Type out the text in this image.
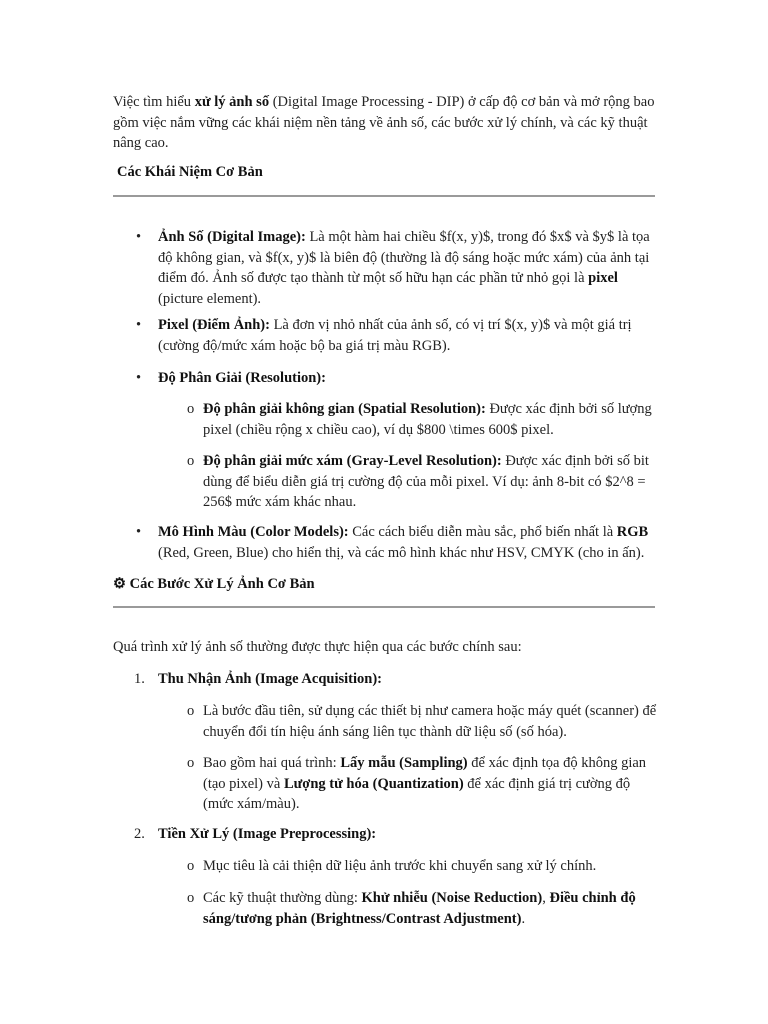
Việc tìm hiểu xử lý ảnh số (Digital Image Processing - DIP) ở cấp độ cơ bản và mở rộng bao gồm việc nắm vững các khái niệm nền tảng về ảnh số, các bước xử lý chính, và các kỹ thuật nâng cao.
Các Khái Niệm Cơ Bản
• Ảnh Số (Digital Image): Là một hàm hai chiều $f(x, y)$, trong đó $x$ và $y$ là tọa độ không gian, và $f(x, y)$ là biên độ (thường là độ sáng hoặc mức xám) của ảnh tại điểm đó. Ảnh số được tạo thành từ một số hữu hạn các phần tử nhỏ gọi là pixel (picture element).
• Pixel (Điểm Ảnh): Là đơn vị nhỏ nhất của ảnh số, có vị trí $(x, y)$ và một giá trị (cường độ/mức xám hoặc bộ ba giá trị màu RGB).
• Độ Phân Giải (Resolution):
o Độ phân giải không gian (Spatial Resolution): Được xác định bởi số lượng pixel (chiều rộng x chiều cao), ví dụ $800 \times 600$ pixel.
o Độ phân giải mức xám (Gray-Level Resolution): Được xác định bởi số bit dùng để biểu diễn giá trị cường độ của mỗi pixel. Ví dụ: ảnh 8-bit có $2^8 = 256$ mức xám khác nhau.
• Mô Hình Màu (Color Models): Các cách biểu diễn màu sắc, phổ biến nhất là RGB (Red, Green, Blue) cho hiển thị, và các mô hình khác như HSV, CMYK (cho in ấn).
⚙ Các Bước Xử Lý Ảnh Cơ Bản
Quá trình xử lý ảnh số thường được thực hiện qua các bước chính sau:
1. Thu Nhận Ảnh (Image Acquisition):
o Là bước đầu tiên, sử dụng các thiết bị như camera hoặc máy quét (scanner) để chuyển đổi tín hiệu ánh sáng liên tục thành dữ liệu số (số hóa).
o Bao gồm hai quá trình: Lấy mẫu (Sampling) để xác định tọa độ không gian (tạo pixel) và Lượng tử hóa (Quantization) để xác định giá trị cường độ (mức xám/màu).
2. Tiền Xử Lý (Image Preprocessing):
o Mục tiêu là cải thiện dữ liệu ảnh trước khi chuyển sang xử lý chính.
o Các kỹ thuật thường dùng: Khử nhiễu (Noise Reduction), Điều chỉnh độ sáng/tương phản (Brightness/Contrast Adjustment).
